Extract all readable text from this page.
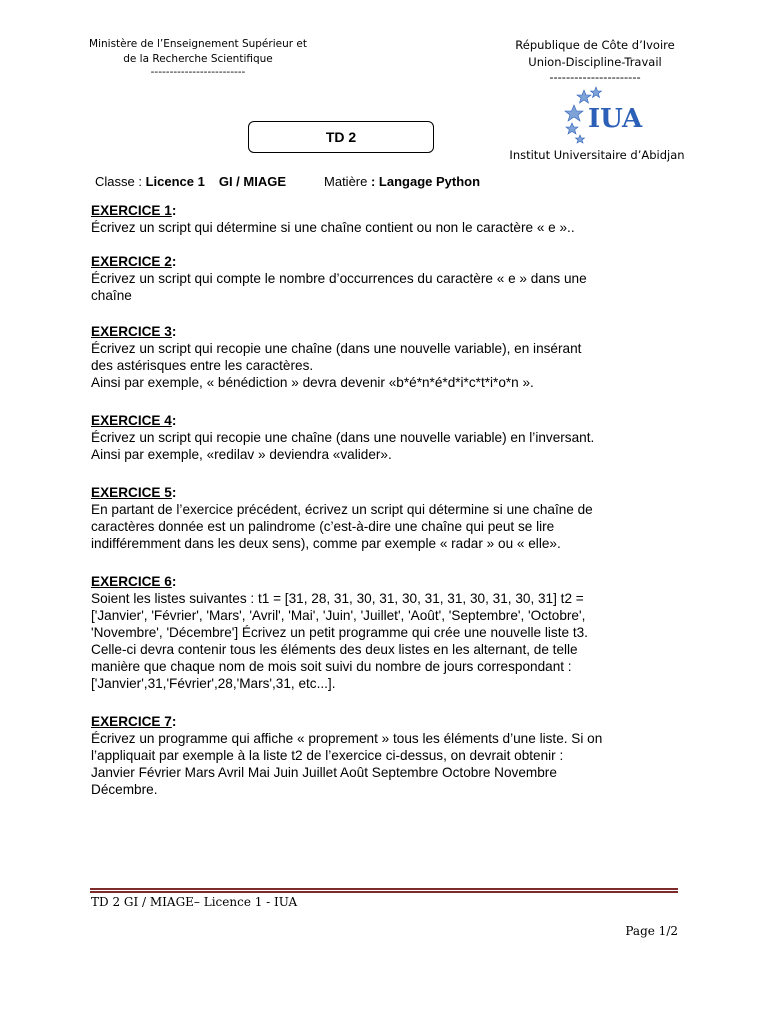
Ministère de l’Enseignement Supérieur et
de la Recherche Scientifique
-------------------------
République de Côte d’Ivoire
Union-Discipline-Travail
----------------------
IUA
Institut Universitaire d’Abidjan
TD 2
Classe : Licence 1 GI / MIAGE	Matière : Langage Python
EXERCICE 1:

Écrivez un script qui détermine si une chaîne contient ou non le caractère « e »..

EXERCICE 2:

Écrivez un script qui compte le nombre d’occurrences du caractère « e » dans une

chaîne

EXERCICE 3:

Écrivez un script qui recopie une chaîne (dans une nouvelle variable), en insérant

des astérisques entre les caractères.

Ainsi par exemple, « bénédiction » devra devenir «b*é*n*é*d*i*c*t*i*o*n ».

EXERCICE 4:

Écrivez un script qui recopie une chaîne (dans une nouvelle variable) en l’inversant.

Ainsi par exemple, «redilav » deviendra «valider».

EXERCICE 5:

En partant de l’exercice précédent, écrivez un script qui détermine si une chaîne de

caractères donnée est un palindrome (c’est-à-dire une chaîne qui peut se lire

indifféremment dans les deux sens), comme par exemple « radar » ou « elle».

EXERCICE 6:

Soient les listes suivantes : t1 = [31, 28, 31, 30, 31, 30, 31, 31, 30, 31, 30, 31] t2 =

['Janvier', 'Février', 'Mars', 'Avril', 'Mai', 'Juin', 'Juillet', 'Août', 'Septembre', 'Octobre',

'Novembre', 'Décembre'] Écrivez un petit programme qui crée une nouvelle liste t3.

Celle-ci devra contenir tous les éléments des deux listes en les alternant, de telle

manière que chaque nom de mois soit suivi du nombre de jours correspondant :

['Janvier',31,'Février',28,'Mars',31, etc...].

EXERCICE 7:

Écrivez un programme qui affiche « proprement » tous les éléments d’une liste. Si on

l’appliquait par exemple à la liste t2 de l’exercice ci-dessus, on devrait obtenir :

Janvier Février Mars Avril Mai Juin Juillet Août Septembre Octobre Novembre

Décembre.

TD 2 GI / MIAGE– Licence 1 - IUA
Page 1/2
